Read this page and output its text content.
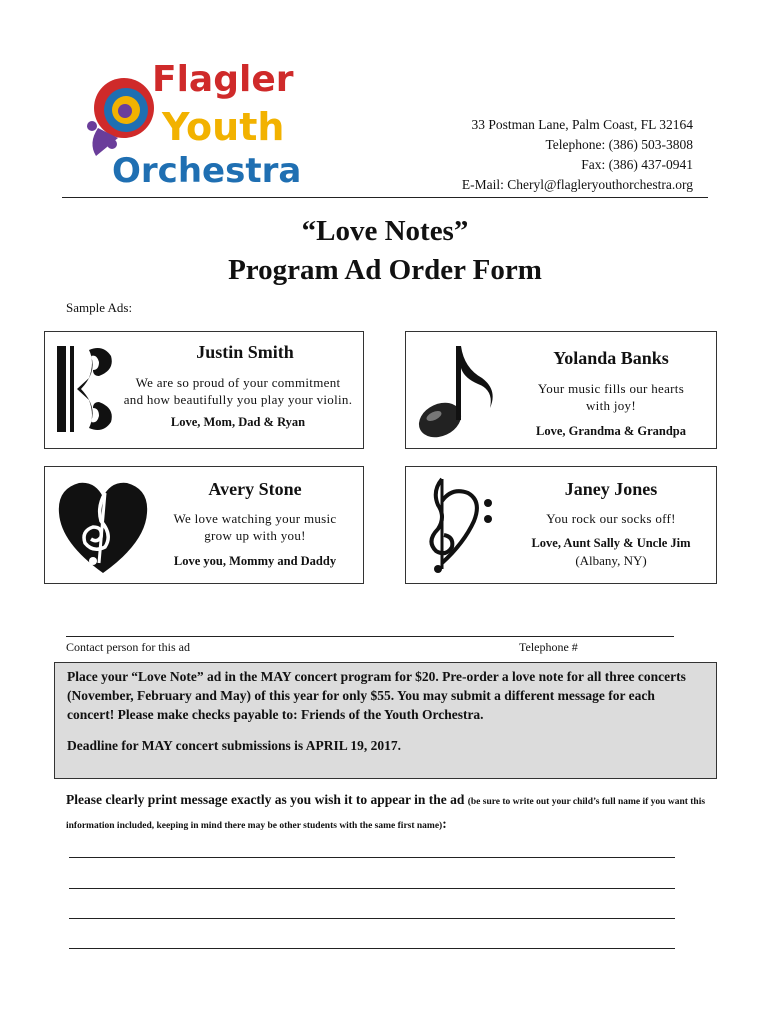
Flagler
Youth
Orchestra
33 Postman Lane, Palm Coast, FL 32164
Telephone: (386) 503-3808
Fax: (386) 437-0941
E-Mail: Cheryl@flagleryouthorchestra.org
“Love Notes”
Program Ad Order Form
Sample Ads:
Justin Smith
We are so proud of your commitment
and how beautifully you play your violin.
Love, Mom, Dad & Ryan
Yolanda Banks
Your music fills our hearts
with joy!
Love, Grandma & Grandpa
Avery Stone
We love watching your music
grow up with you!
Love you, Mommy and Daddy
Janey Jones
You rock our socks off!
Love, Aunt Sally & Uncle Jim
(Albany, NY)
Contact person for this ad	Telephone #
Place your “Love Note” ad in the MAY concert program for $20. Pre-order a love note for all three concerts (November, February and May) of this year for only $55. You may submit a different message for each concert! Please make checks payable to: Friends of the Youth Orchestra.
Deadline for MAY concert submissions is APRIL 19, 2017.
Please clearly print message exactly as you wish it to appear in the ad (be sure to write out your child’s full name if you want this information included, keeping in mind there may be other students with the same first name):
